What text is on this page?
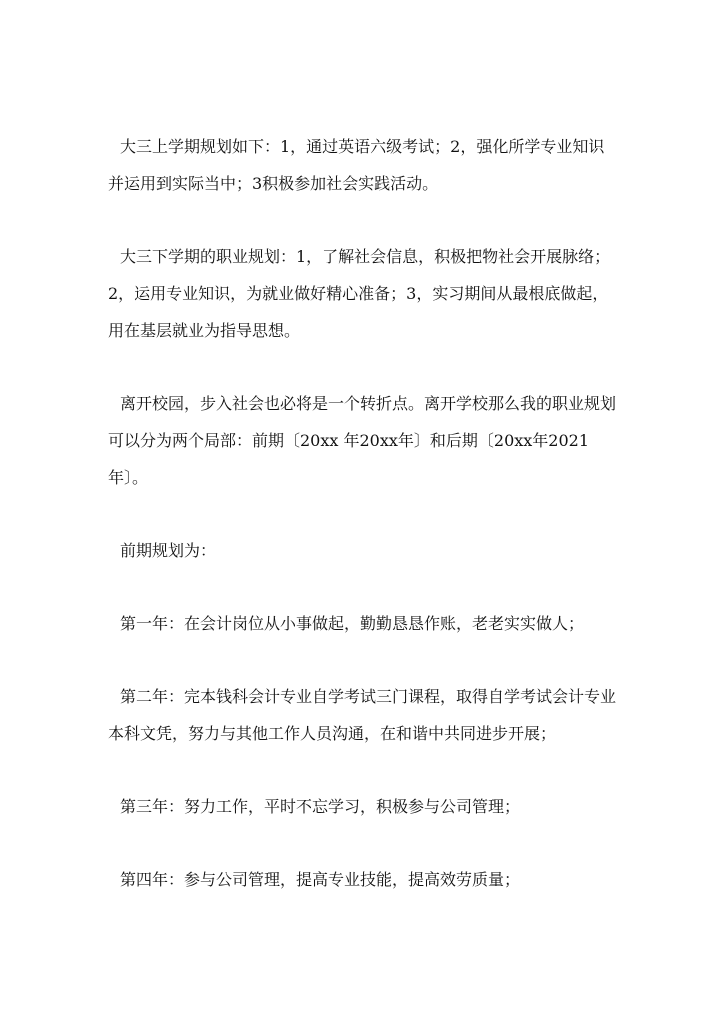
大三上学期规划如下：1，通过英语六级考试；2，强化所学专业知识并运用到实际当中；3积极参加社会实践活动。

大三下学期的职业规划：1，了解社会信息，积极把物社会开展脉络；2，运用专业知识，为就业做好精心准备；3，实习期间从最根底做起，用在基层就业为指导思想。

离开校园，步入社会也必将是一个转折点。离开学校那么我的职业规划可以分为两个局部：前期〔20xx 年20xx年〕和后期〔20xx年2021年〕。

前期规划为：

第一年：在会计岗位从小事做起，勤勤恳恳作账，老老实实做人；

第二年：完本钱科会计专业自学考试三门课程，取得自学考试会计专业本科文凭，努力与其他工作人员沟通，在和谐中共同进步开展；

第三年：努力工作，平时不忘学习，积极参与公司管理；

第四年：参与公司管理，提高专业技能，提高效劳质量；
